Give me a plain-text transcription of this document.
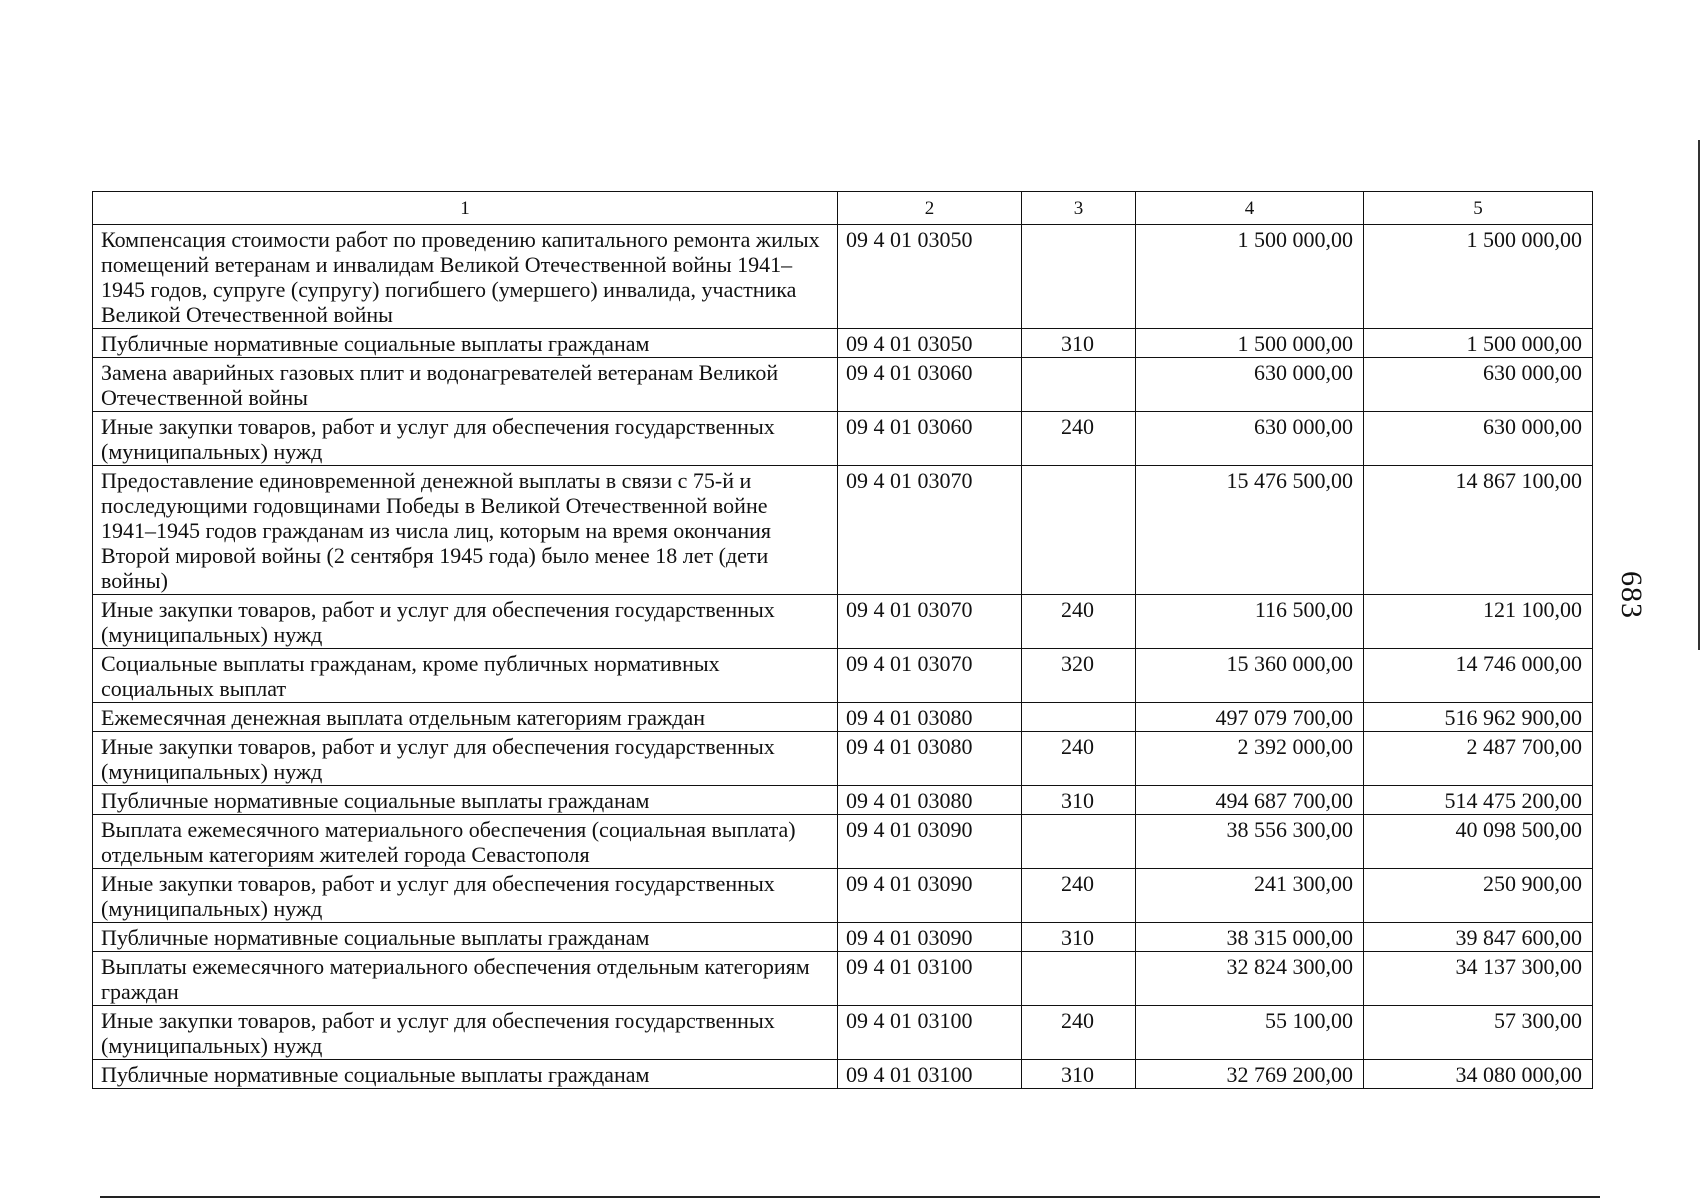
1	2	3	4	5
Компенсация стоимости работ по проведению капитального ремонта жилых помещений ветеранам и инвалидам Великой Отечественной войны 1941–1945 годов, супруге (супругу) погибшего (умершего) инвалида, участника Великой Отечественной войны	09 4 01 03050		1 500 000,00	1 500 000,00
Публичные нормативные социальные выплаты гражданам	09 4 01 03050	310	1 500 000,00	1 500 000,00
Замена аварийных газовых плит и водонагревателей ветеранам Великой Отечественной войны	09 4 01 03060		630 000,00	630 000,00
Иные закупки товаров, работ и услуг для обеспечения государственных (муниципальных) нужд	09 4 01 03060	240	630 000,00	630 000,00
Предоставление единовременной денежной выплаты в связи с 75-й и последующими годовщинами Победы в Великой Отечественной войне 1941–1945 годов гражданам из числа лиц, которым на время окончания Второй мировой войны (2 сентября 1945 года) было менее 18 лет (дети войны)	09 4 01 03070		15 476 500,00	14 867 100,00
Иные закупки товаров, работ и услуг для обеспечения государственных (муниципальных) нужд	09 4 01 03070	240	116 500,00	121 100,00
Социальные выплаты гражданам, кроме публичных нормативных социальных выплат	09 4 01 03070	320	15 360 000,00	14 746 000,00
Ежемесячная денежная выплата отдельным категориям граждан	09 4 01 03080		497 079 700,00	516 962 900,00
Иные закупки товаров, работ и услуг для обеспечения государственных (муниципальных) нужд	09 4 01 03080	240	2 392 000,00	2 487 700,00
Публичные нормативные социальные выплаты гражданам	09 4 01 03080	310	494 687 700,00	514 475 200,00
Выплата ежемесячного материального обеспечения (социальная выплата) отдельным категориям жителей города Севастополя	09 4 01 03090		38 556 300,00	40 098 500,00
Иные закупки товаров, работ и услуг для обеспечения государственных (муниципальных) нужд	09 4 01 03090	240	241 300,00	250 900,00
Публичные нормативные социальные выплаты гражданам	09 4 01 03090	310	38 315 000,00	39 847 600,00
Выплаты ежемесячного материального обеспечения отдельным категориям граждан	09 4 01 03100		32 824 300,00	34 137 300,00
Иные закупки товаров, работ и услуг для обеспечения государственных (муниципальных) нужд	09 4 01 03100	240	55 100,00	57 300,00
Публичные нормативные социальные выплаты гражданам	09 4 01 03100	310	32 769 200,00	34 080 000,00
683
